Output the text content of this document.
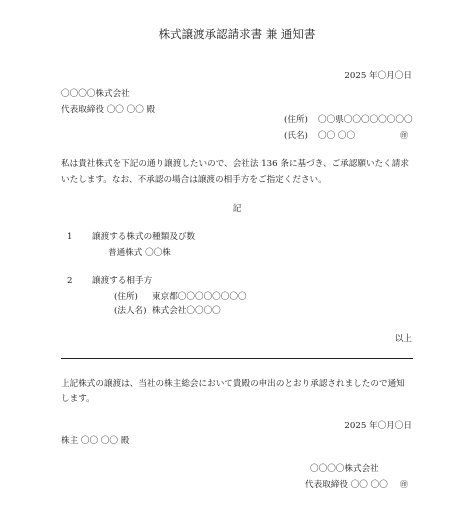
株式譲渡承認請求書 兼 通知書
2025 年〇月〇日
〇〇〇〇株式会社
代表取締役 〇〇 〇〇 殿
(住所) 〇〇県〇〇〇〇〇〇〇〇
(氏名) 〇〇 〇〇	㊞
私は貴社株式を下記の通り譲渡したいので、会社法 136 条に基づき、ご承認願いたく請求
いたします。なお、不承認の場合は譲渡の相手方をご指定ください。
記
1 譲渡する株式の種類及び数
普通株式 〇〇株
2 譲渡する相手方
(住所) 東京都〇〇〇〇〇〇〇〇
(法人名) 株式会社〇〇〇〇
以上
上記株式の譲渡は、当社の株主総会において貴殿の申出のとおり承認されましたので通知
します。
2025 年〇月〇日
株主 〇〇 〇〇 殿
〇〇〇〇株式会社
代表取締役 〇〇 〇〇 ㊞
